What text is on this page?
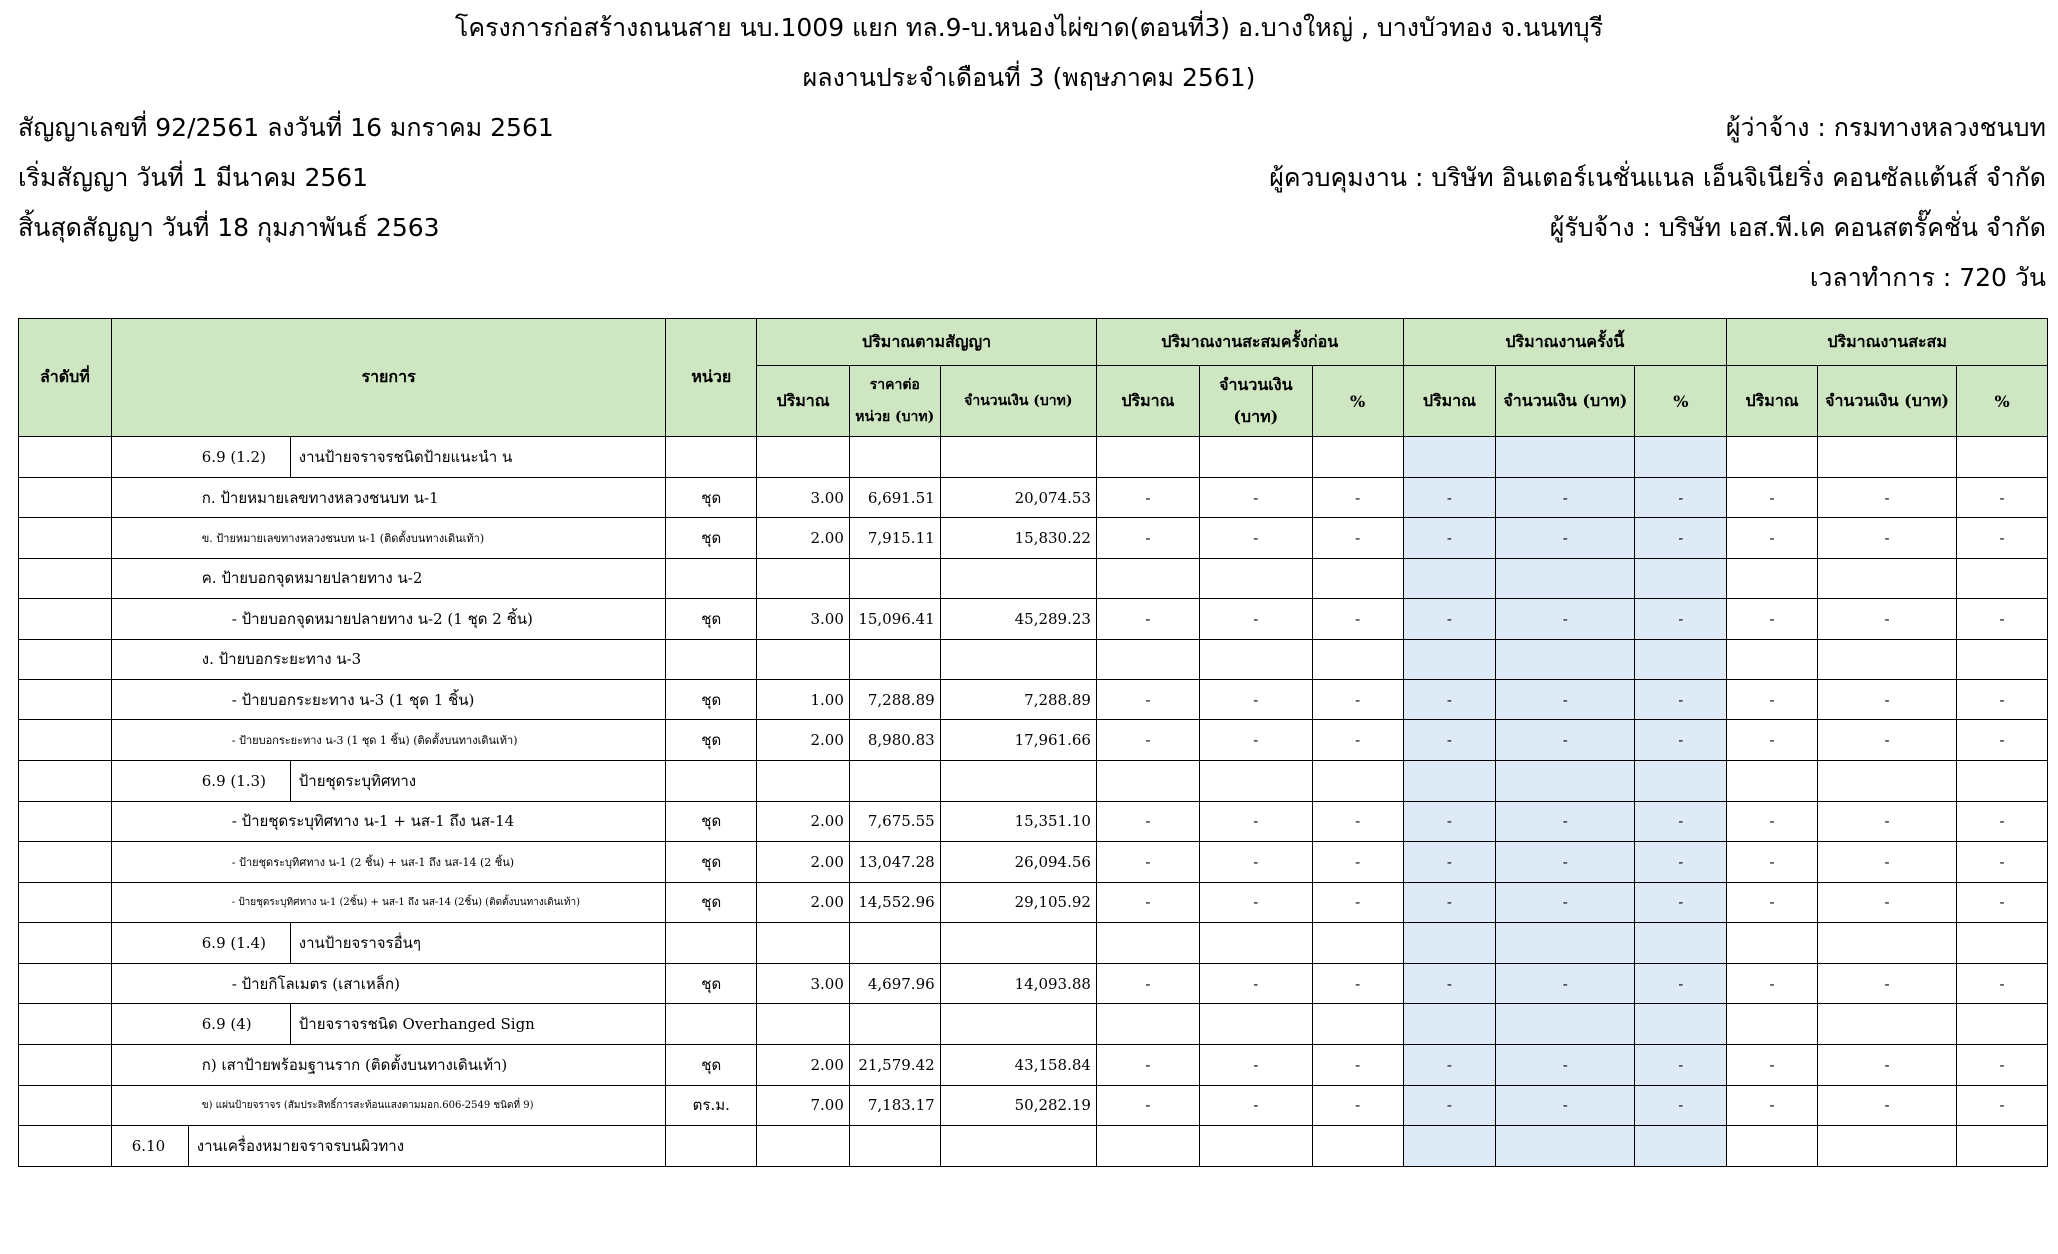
โครงการก่อสร้างถนนสาย นบ.1009 แยก ทล.9-บ.หนองไผ่ขาด(ตอนที่3) อ.บางใหญ่ , บางบัวทอง จ.นนทบุรี
ผลงานประจำเดือนที่ 3 (พฤษภาคม 2561)
สัญญาเลขที่ 92/2561 ลงวันที่ 16 มกราคม 2561
เริ่มสัญญา วันที่ 1 มีนาคม 2561
สิ้นสุดสัญญา วันที่ 18 กุมภาพันธ์ 2563
ผู้ว่าจ้าง : กรมทางหลวงชนบท
ผู้ควบคุมงาน : บริษัท อินเตอร์เนชั่นแนล เอ็นจิเนียริ่ง คอนซัลแต้นส์ จำกัด
ผู้รับจ้าง : บริษัท เอส.พี.เค คอนสตรั๊คชั่น จำกัด
เวลาทำการ : 720 วัน
ลำดับที่	รายการ	หน่วย	ปริมาณตามสัญญา			ปริมาณงานสะสมครั้งก่อน			ปริมาณงานครั้งนี้			ปริมาณงานสะสม		
			ปริมาณ	ราคาต่อ หน่วย (บาท)	จำนวนเงิน (บาท)	ปริมาณ	จำนวนเงิน (บาท)	%	ปริมาณ	จำนวนเงิน (บาท)	%	ปริมาณ	จำนวนเงิน (บาท)	%

	6.9 (1.2) งานป้ายจราจรชนิดป้ายแนะนำ น													

	ก. ป้ายหมายเลขทางหลวงชนบท น-1	ชุด	3.00	6,691.51	20,074.53	-	-	-	-	-	-	-	-	-
	ข. ป้ายหมายเลขทางหลวงชนบท น-1 (ติดตั้งบนทางเดินเท้า)	ชุด	2.00	7,915.11	15,830.22	-	-	-	-	-	-	-	-	-
	ค. ป้ายบอกจุดหมายปลายทาง น-2													
	- ป้ายบอกจุดหมายปลายทาง น-2 (1 ชุด 2 ชิ้น)	ชุด	3.00	15,096.41	45,289.23	-	-	-	-	-	-	-	-	-
	ง. ป้ายบอกระยะทาง น-3													
	- ป้ายบอกระยะทาง น-3 (1 ชุด 1 ชิ้น)	ชุด	1.00	7,288.89	7,288.89	-	-	-	-	-	-	-	-	-
	- ป้ายบอกระยะทาง น-3 (1 ชุด 1 ชิ้น) (ติดตั้งบนทางเดินเท้า)	ชุด	2.00	8,980.83	17,961.66	-	-	-	-	-	-	-	-	-

	6.9 (1.3) ป้ายชุดระบุทิศทาง													

	- ป้ายชุดระบุทิศทาง น-1 + นส-1 ถึง นส-14	ชุด	2.00	7,675.55	15,351.10	-	-	-	-	-	-	-	-	-
	- ป้ายชุดระบุทิศทาง น-1 (2 ชิ้น) + นส-1 ถึง นส-14 (2 ชิ้น)	ชุด	2.00	13,047.28	26,094.56	-	-	-	-	-	-	-	-	-
	- ป้ายชุดระบุทิศทาง น-1 (2ชิ้น) + นส-1 ถึง นส-14 (2ชิ้น) (ติดตั้งบนทางเดินเท้า)	ชุด	2.00	14,552.96	29,105.92	-	-	-	-	-	-	-	-	-

	6.9 (1.4) งานป้ายจราจรอื่นๆ													

	- ป้ายกิโลเมตร (เสาเหล็ก)	ชุด	3.00	4,697.96	14,093.88	-	-	-	-	-	-	-	-	-

	6.9 (4) ป้ายจราจรชนิด Overhanged Sign													

	ก) เสาป้ายพร้อมฐานราก (ติดตั้งบนทางเดินเท้า)	ชุด	2.00	21,579.42	43,158.84	-	-	-	-	-	-	-	-	-
	ข) แผ่นป้ายจราจร (สัมประสิทธิ์การสะท้อนแสงตามมอก.606-2549 ชนิดที่ 9)	ตร.ม.	7.00	7,183.17	50,282.19	-	-	-	-	-	-	-	-	-

	6.10 งานเครื่องหมายจราจรบนผิวทาง													
